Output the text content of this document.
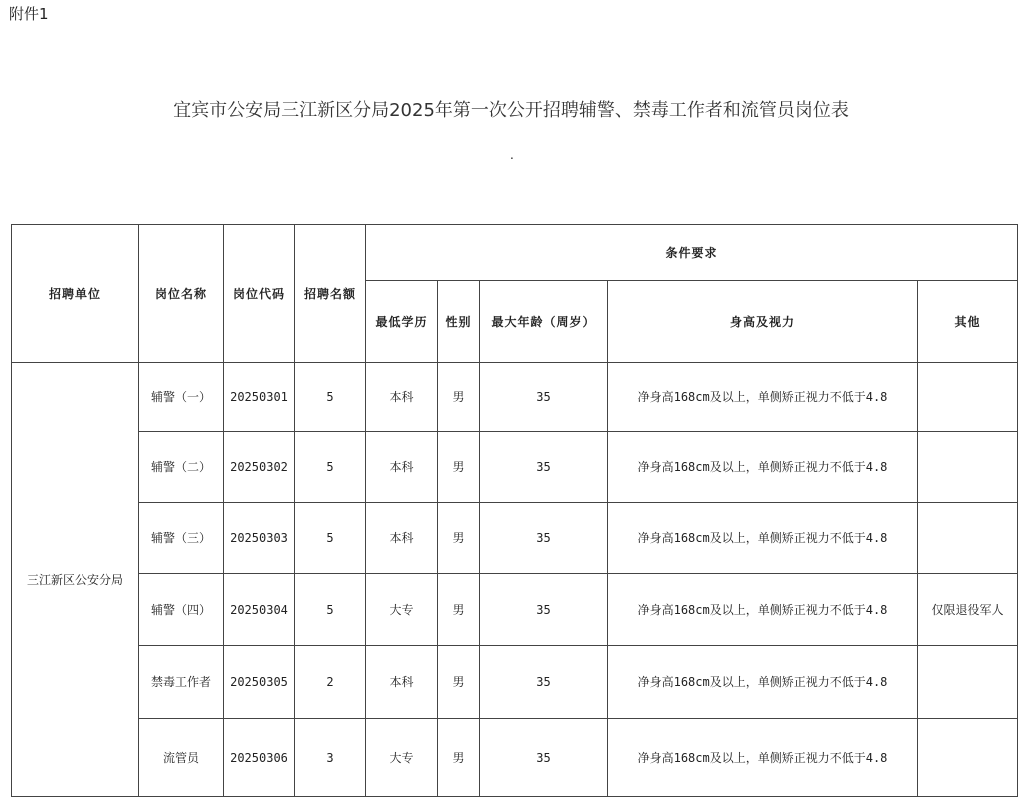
附件1
宜宾市公安局三江新区分局2025年第一次公开招聘辅警、禁毒工作者和流管员岗位表
.
招聘单位	岗位名称	岗位代码	招聘名额	条件要求				
				最低学历	性别	最大年龄（周岁）	身高及视力	其他
三江新区公安分局	辅警（一）	20250301	5	本科	男	35	净身高168cm及以上，单侧矫正视力不低于4.8	
	辅警（二）	20250302	5	本科	男	35	净身高168cm及以上，单侧矫正视力不低于4.8	
	辅警（三）	20250303	5	本科	男	35	净身高168cm及以上，单侧矫正视力不低于4.8	
	辅警（四）	20250304	5	大专	男	35	净身高168cm及以上，单侧矫正视力不低于4.8	仅限退役军人
	禁毒工作者	20250305	2	本科	男	35	净身高168cm及以上，单侧矫正视力不低于4.8	
	流管员	20250306	3	大专	男	35	净身高168cm及以上，单侧矫正视力不低于4.8	
